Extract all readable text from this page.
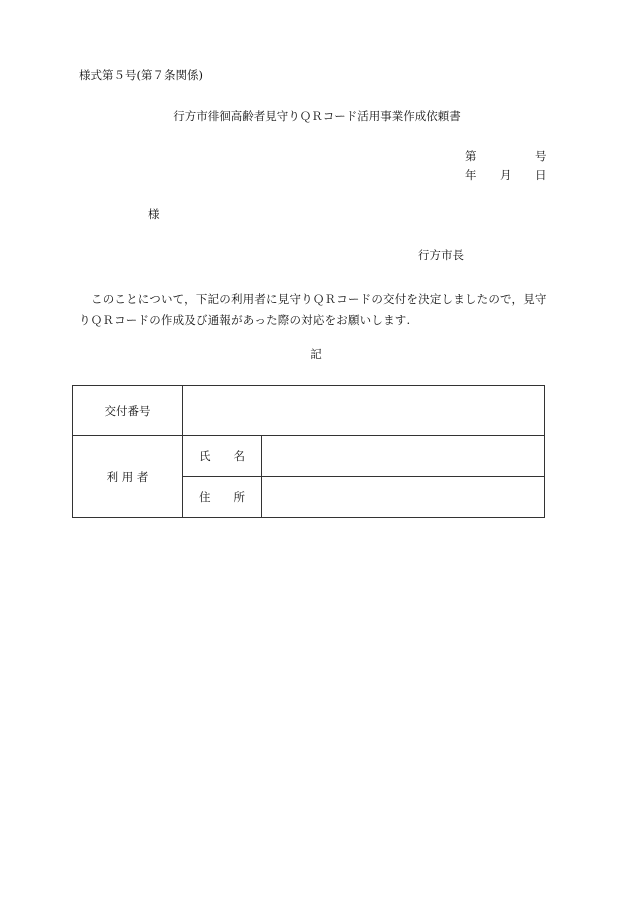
様式第５号(第７条関係)
行方市徘徊高齢者見守りＱＲコード活用事業作成依頼書
第	号
年 月 日
様
行方市長
このことについて，下記の利用者に見守りＱＲコードの交付を決定しましたので，見守りＱＲコードの作成及び通報があった際の対応をお願いします.
記
交付番号		
利 用 者	氏　　名	
	住　　所	
